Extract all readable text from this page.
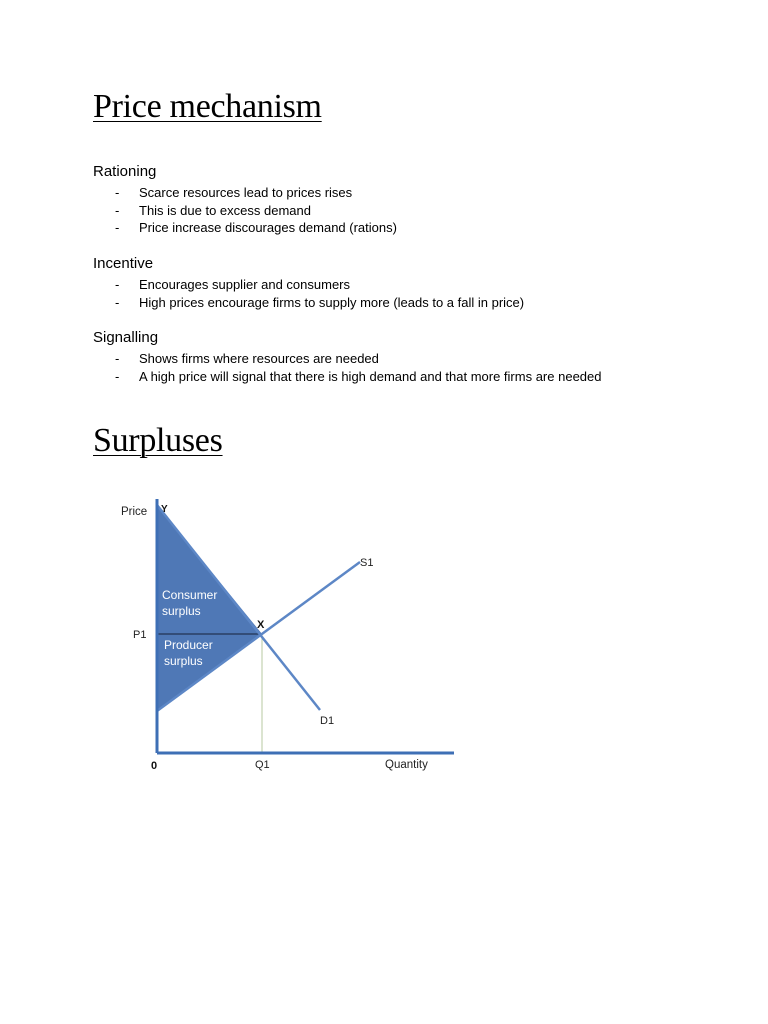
Price mechanism
Rationing
- Scarce resources lead to prices rises
- This is due to excess demand
- Price increase discourages demand (rations)
Incentive
- Encourages supplier and consumers
- High prices encourage firms to supply more (leads to a fall in price)
Signalling
- Shows firms where resources are needed
- A high price will signal that there is high demand and that more firms are needed
Surpluses
Price Y
P1
X
S1
D1
0	Q1	Quantity
Consumer
surplus
Producer
surplus
